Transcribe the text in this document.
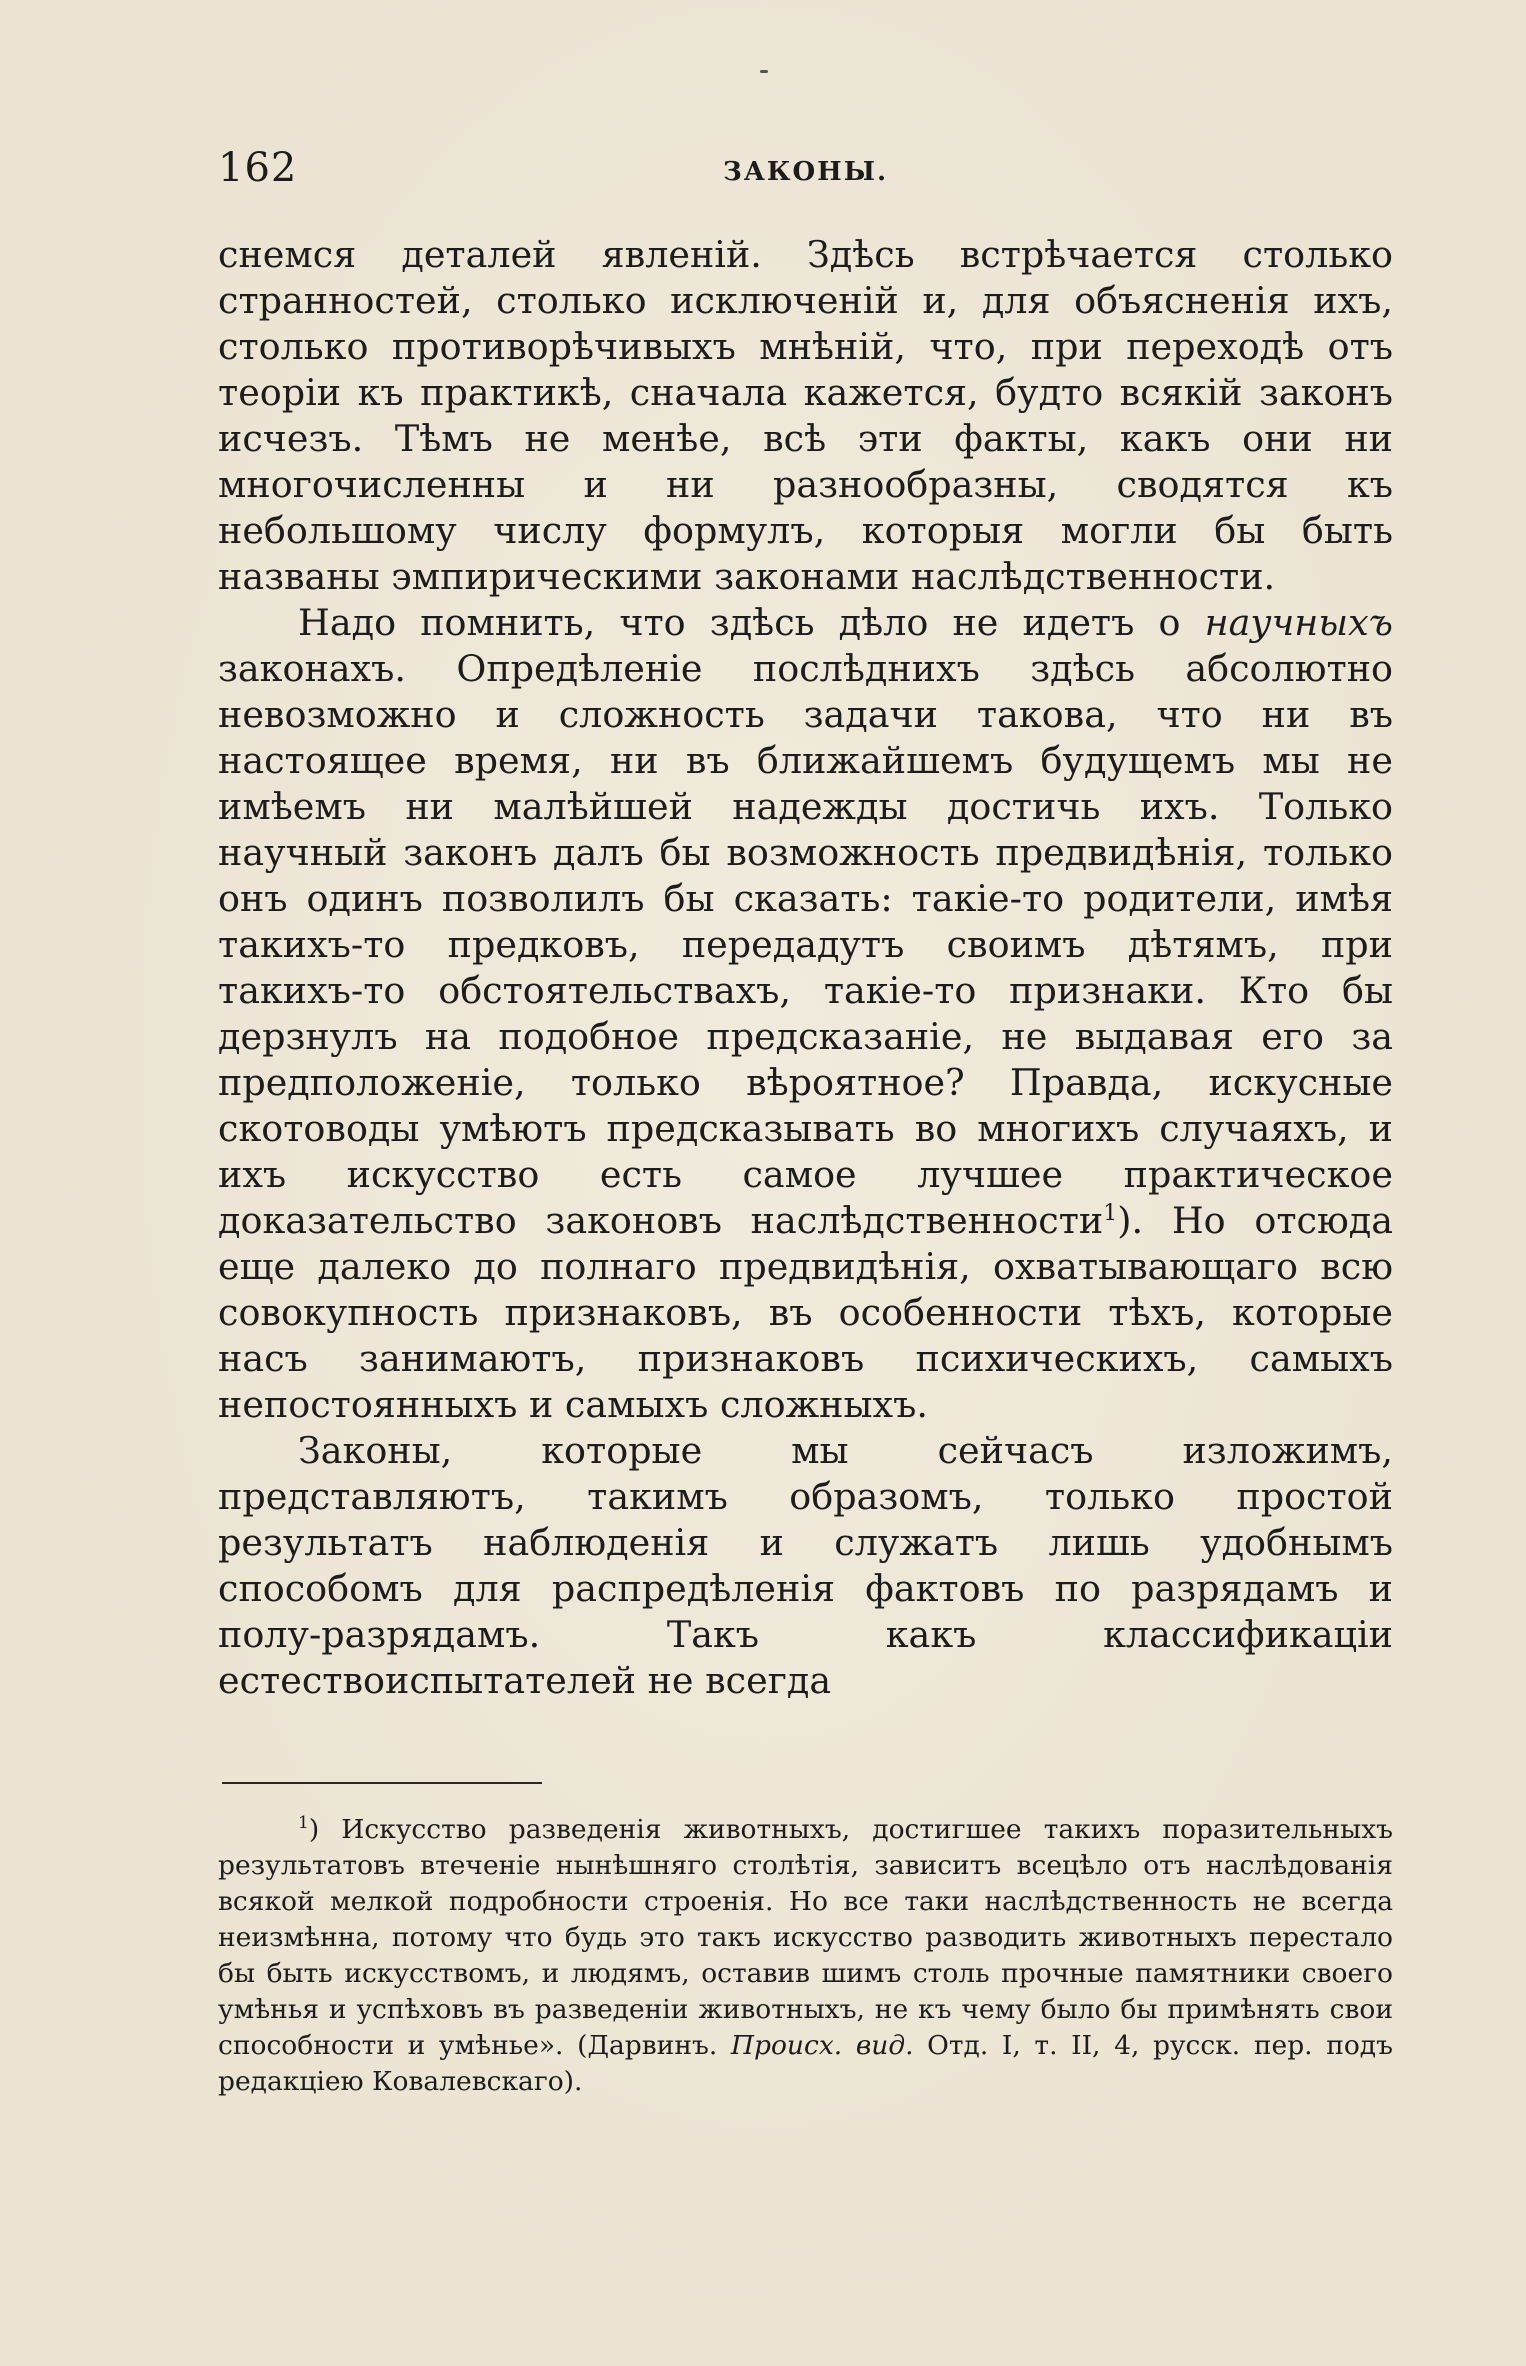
162	ЗАКОНЫ.

снемся деталей явленій. Здѣсь встрѣчается столько странностей, столько исключеній и, для объясненія ихъ, столько противорѣчивыхъ мнѣній, что, при переходѣ отъ теоріи къ практикѣ, сначала кажется, будто всякій законъ исчезъ. Тѣмъ не менѣе, всѣ эти факты, какъ они ни многочисленны и ни разнообразны, сводятся къ небольшому числу формулъ, которыя могли бы быть названы эмпирическими законами наслѣдственности.

Надо помнить, что здѣсь дѣло не идетъ о научныхъ законахъ. Опредѣленіе послѣднихъ здѣсь абсолютно невозможно и сложность задачи такова, что ни въ настоящее время, ни въ ближайшемъ будущемъ мы не имѣемъ ни малѣйшей надежды достичь ихъ. Только научный законъ далъ бы возможность предвидѣнія, только онъ одинъ позволилъ бы сказать: такіе-то родители, имѣя такихъ-то предковъ, передадутъ своимъ дѣтямъ, при такихъ-то обстоятельствахъ, такіе-то признаки. Кто бы дерзнулъ на подобное предсказаніе, не выдавая его за предположеніе, только вѣроятное? Правда, искусные скотоводы умѣютъ предсказывать во многихъ случаяхъ, и ихъ искусство есть самое лучшее практическое доказательство законовъ наслѣдственности$^1$). Но отсюда еще далеко до полнаго предвидѣнія, охватывающаго всю совокупность признаковъ, въ особенности тѣхъ, которые насъ занимаютъ, признаковъ психическихъ, самыхъ непостоянныхъ и самыхъ сложныхъ.

Законы, которые мы сейчасъ изложимъ, представляютъ, такимъ образомъ, только простой результатъ наблюденія и служатъ лишь удобнымъ способомъ для распредѣленія фактовъ по разрядамъ и полу-разрядамъ. Такъ какъ классификаціи естествоиспытателей не всегда

$^1$) Искусство разведенія животныхъ, достигшее такихъ поразительныхъ результатовъ втеченіе нынѣшняго столѣтія, зависитъ всецѣло отъ наслѣдованія всякой мелкой подробности строенія. Но все таки наслѣдственность не всегда неизмѣнна, потому что будь это такъ искусство разводить животныхъ перестало бы быть искусствомъ, и людямъ, оставив шимъ столь прочные памятники своего умѣнья и успѣховъ въ разведеніи животныхъ, не къ чему было бы примѣнять свои способности и умѣнье». (Дарвинъ. Происх. вид. Отд. I, т. II, 4, русск. пер. подъ редакціею Ковалевскаго).
